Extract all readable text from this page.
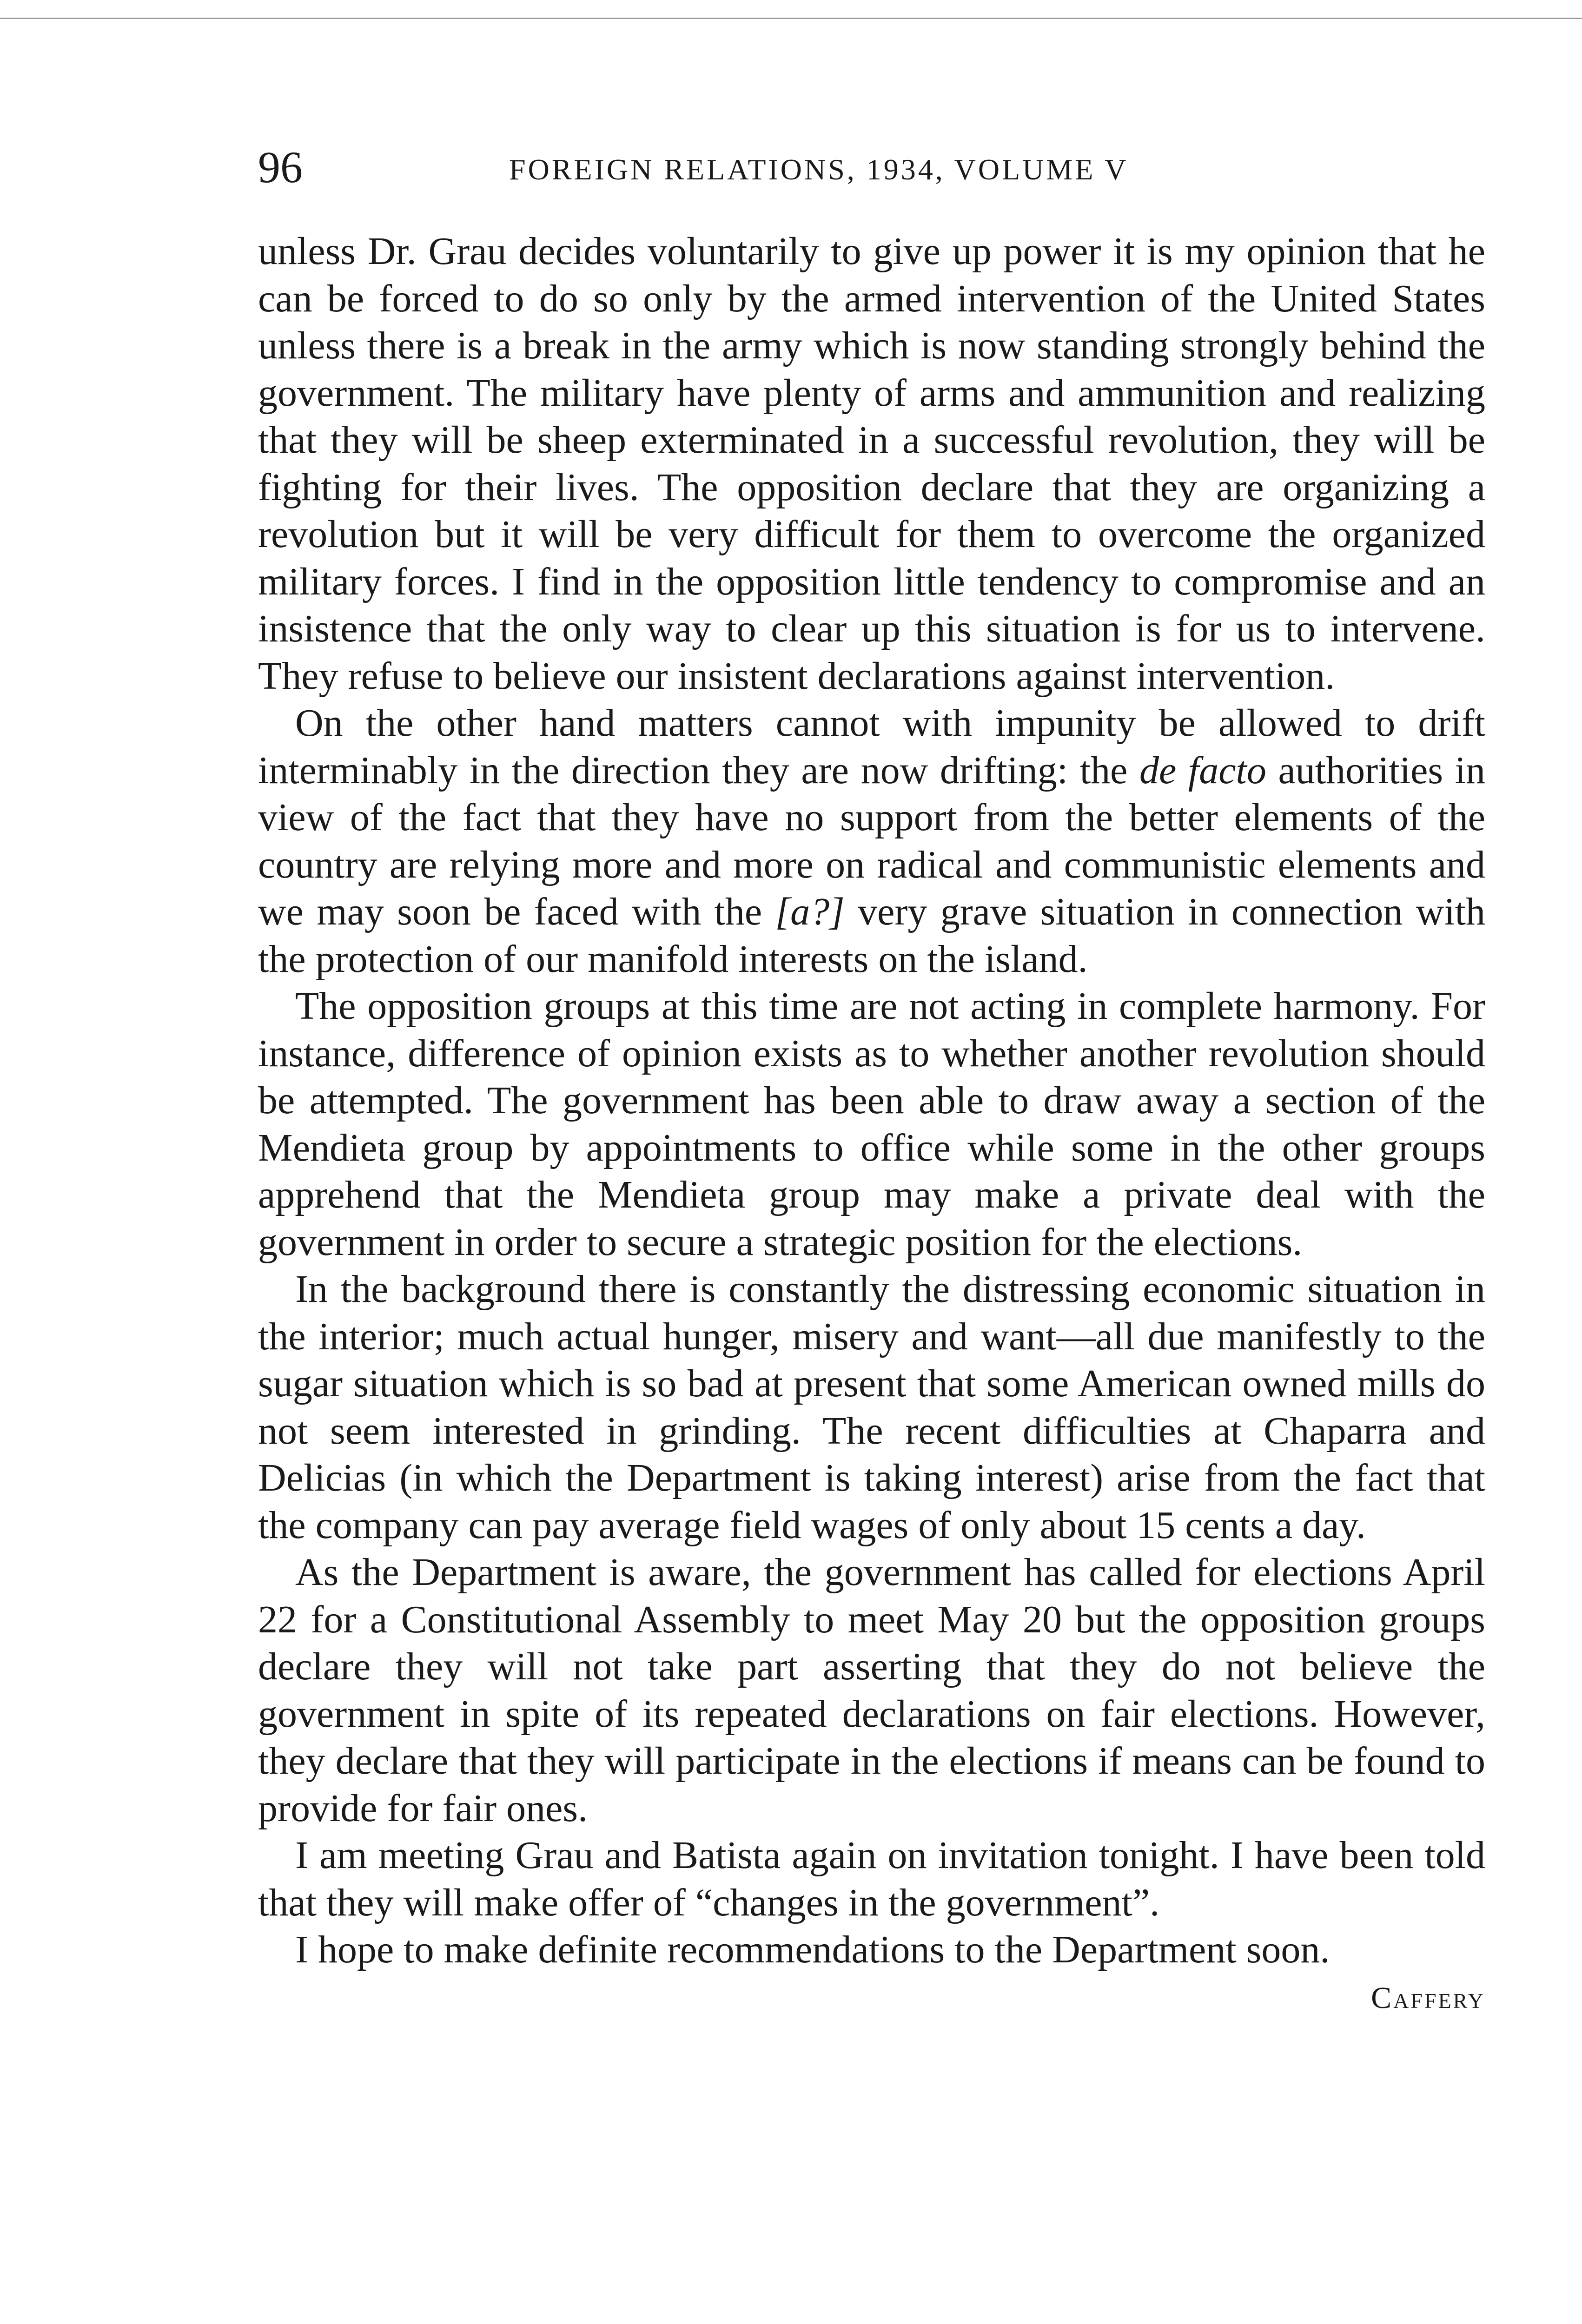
96	FOREIGN RELATIONS, 1934, VOLUME V

unless Dr. Grau decides voluntarily to give up power it is my opinion that he can be forced to do so only by the armed intervention of the United States unless there is a break in the army which is now standing strongly behind the government. The military have plenty of arms and ammunition and realizing that they will be sheep exterminated in a successful revolution, they will be fighting for their lives. The opposition declare that they are organizing a revolution but it will be very difficult for them to overcome the organized military forces. I find in the opposition little tendency to compromise and an insistence that the only way to clear up this situation is for us to intervene. They refuse to believe our insistent declarations against intervention.

On the other hand matters cannot with impunity be allowed to drift interminably in the direction they are now drifting: the de facto authorities in view of the fact that they have no support from the better elements of the country are relying more and more on radical and communistic elements and we may soon be faced with the [a?] very grave situation in connection with the protection of our manifold interests on the island.

The opposition groups at this time are not acting in complete harmony. For instance, difference of opinion exists as to whether another revolution should be attempted. The government has been able to draw away a section of the Mendieta group by appointments to office while some in the other groups apprehend that the Mendieta group may make a private deal with the government in order to secure a strategic position for the elections.

In the background there is constantly the distressing economic situation in the interior; much actual hunger, misery and want—all due manifestly to the sugar situation which is so bad at present that some American owned mills do not seem interested in grinding. The recent difficulties at Chaparra and Delicias (in which the Department is taking interest) arise from the fact that the company can pay average field wages of only about 15 cents a day.

As the Department is aware, the government has called for elections April 22 for a Constitutional Assembly to meet May 20 but the opposition groups declare they will not take part asserting that they do not believe the government in spite of its repeated declarations on fair elections. However, they declare that they will participate in the elections if means can be found to provide for fair ones.

I am meeting Grau and Batista again on invitation tonight. I have been told that they will make offer of “changes in the government”.

I hope to make definite recommendations to the Department soon.

Caffery
